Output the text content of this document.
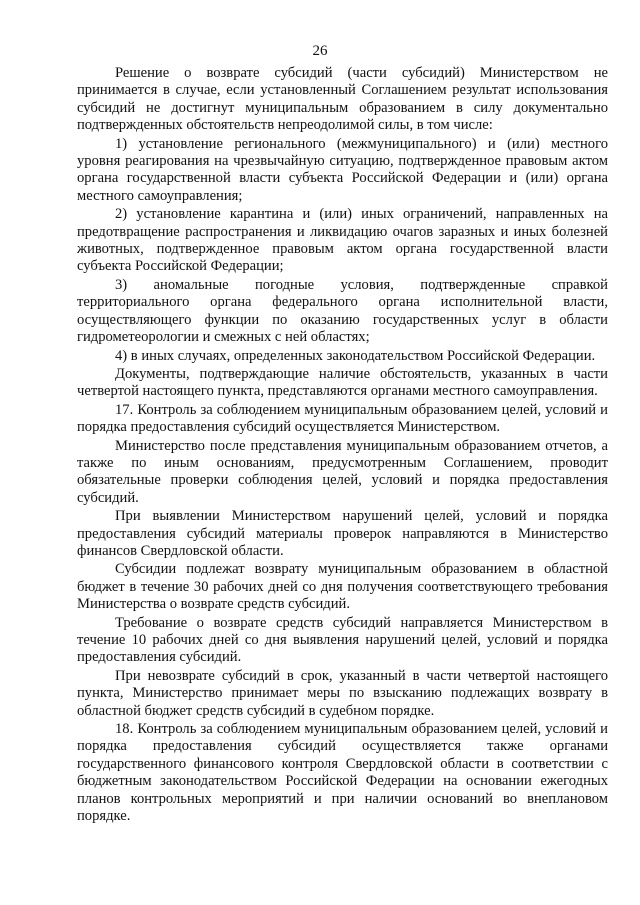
26

Решение о возврате субсидий (части субсидий) Министерством не принимается в случае, если установленный Соглашением результат использования субсидий не достигнут муниципальным образованием в силу документально подтвержденных обстоятельств непреодолимой силы, в том числе:

1) установление регионального (межмуниципального) и (или) местного уровня реагирования на чрезвычайную ситуацию, подтвержденное правовым актом органа государственной власти субъекта Российской Федерации и (или) органа местного самоуправления;

2) установление карантина и (или) иных ограничений, направленных на предотвращение распространения и ликвидацию очагов заразных и иных болезней животных, подтвержденное правовым актом органа государственной власти субъекта Российской Федерации;

3) аномальные погодные условия, подтвержденные справкой территориального органа федерального органа исполнительной власти, осуществляющего функции по оказанию государственных услуг в области гидрометеорологии и смежных с ней областях;

4) в иных случаях, определенных законодательством Российской Федерации.

Документы, подтверждающие наличие обстоятельств, указанных в части четвертой настоящего пункта, представляются органами местного самоуправления.

17. Контроль за соблюдением муниципальным образованием целей, условий и порядка предоставления субсидий осуществляется Министерством.

Министерство после представления муниципальным образованием отчетов, а также по иным основаниям, предусмотренным Соглашением, проводит обязательные проверки соблюдения целей, условий и порядка предоставления субсидий.

При выявлении Министерством нарушений целей, условий и порядка предоставления субсидий материалы проверок направляются в Министерство финансов Свердловской области.

Субсидии подлежат возврату муниципальным образованием в областной бюджет в течение 30 рабочих дней со дня получения соответствующего требования Министерства о возврате средств субсидий.

Требование о возврате средств субсидий направляется Министерством в течение 10 рабочих дней со дня выявления нарушений целей, условий и порядка предоставления субсидий.

При невозврате субсидий в срок, указанный в части четвертой настоящего пункта, Министерство принимает меры по взысканию подлежащих возврату в областной бюджет средств субсидий в судебном порядке.

18. Контроль за соблюдением муниципальным образованием целей, условий и порядка предоставления субсидий осуществляется также органами государственного финансового контроля Свердловской области в соответствии с бюджетным законодательством Российской Федерации на основании ежегодных планов контрольных мероприятий и при наличии оснований во внеплановом порядке.
